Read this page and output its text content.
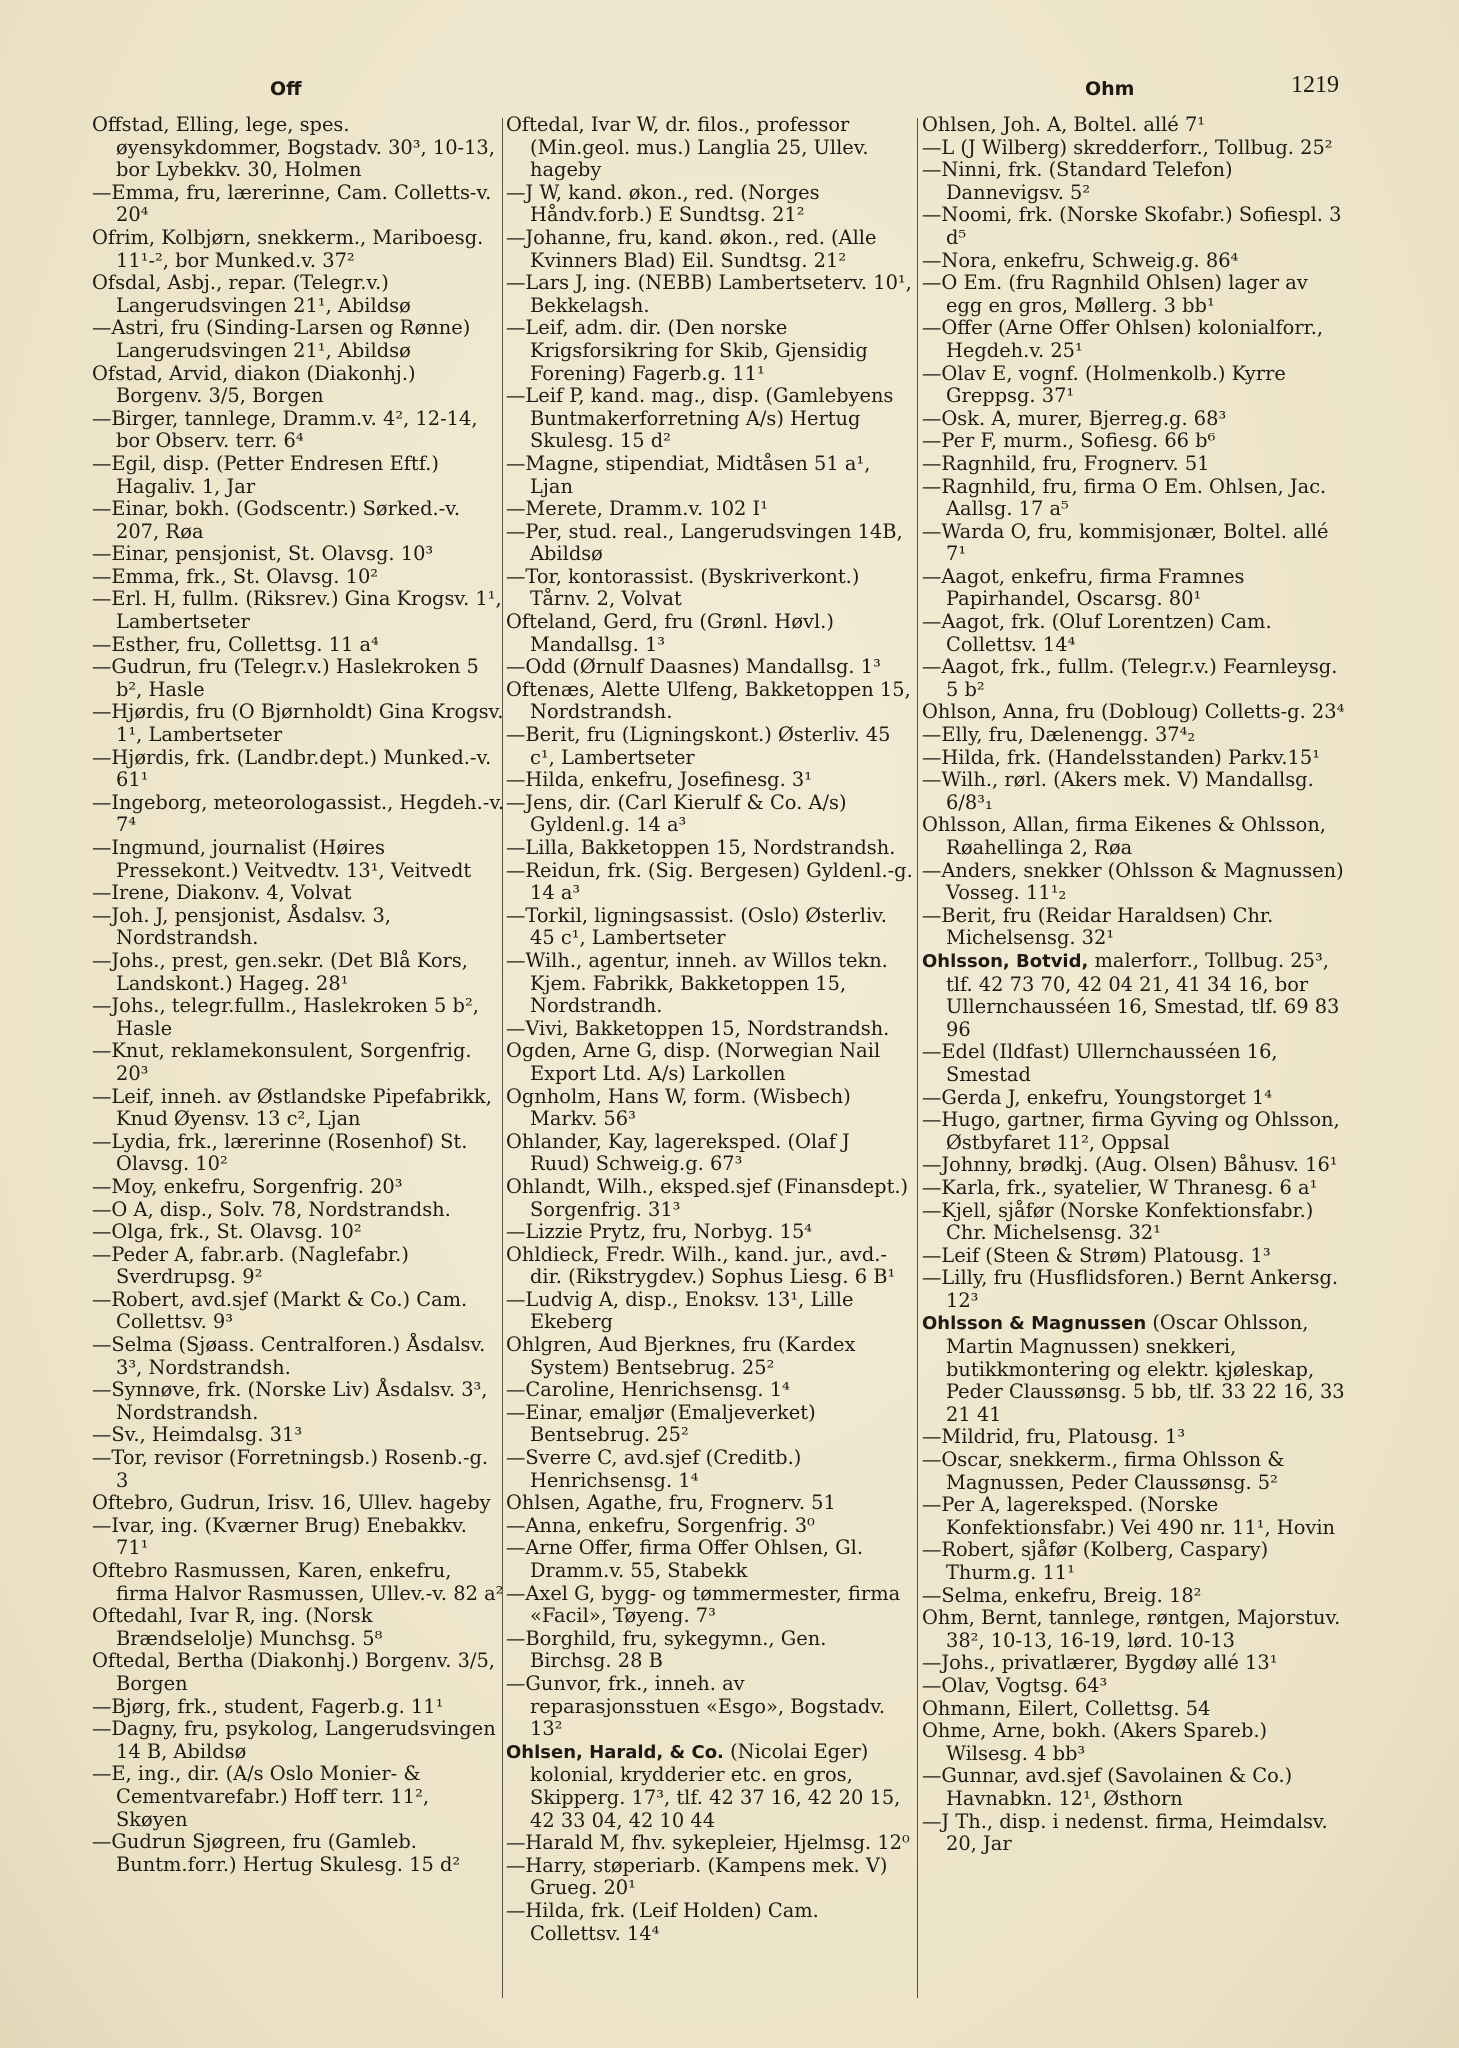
Off	Ohm	1219
Offstad, Elling, lege, spes. øyensykdommer, Bogstadv. 30³, 10-13, bor Lybekkv. 30, Holmen
—Emma, fru, lærerinne, Cam. Colletts-v. 20⁴
Ofrim, Kolbjørn, snekkerm., Mariboesg. 11¹-², bor Munked.v. 37²
Ofsdal, Asbj., repar. (Telegr.v.) Langerudsvingen 21¹, Abildsø
—Astri, fru (Sinding-Larsen og Rønne) Langerudsvingen 21¹, Abildsø
Ofstad, Arvid, diakon (Diakonhj.) Borgenv. 3/5, Borgen
—Birger, tannlege, Dramm.v. 4², 12-14, bor Observ. terr. 6⁴
—Egil, disp. (Petter Endresen Eftf.) Hagaliv. 1, Jar
—Einar, bokh. (Godscentr.) Sørked.-v. 207, Røa
—Einar, pensjonist, St. Olavsg. 10³
—Emma, frk., St. Olavsg. 10²
—Erl. H, fullm. (Riksrev.) Gina Krogsv. 1¹, Lambertseter
—Esther, fru, Collettsg. 11 a⁴
—Gudrun, fru (Telegr.v.) Haslekroken 5 b², Hasle
—Hjørdis, fru (O Bjørnholdt) Gina Krogsv. 1¹, Lambertseter
—Hjørdis, frk. (Landbr.dept.) Munked.-v. 61¹
—Ingeborg, meteorologassist., Hegdeh.-v. 7⁴
—Ingmund, journalist (Høires Pressekont.) Veitvedtv. 13¹, Veitvedt
—Irene, Diakonv. 4, Volvat
—Joh. J, pensjonist, Åsdalsv. 3, Nordstrandsh.
—Johs., prest, gen.sekr. (Det Blå Kors, Landskont.) Hageg. 28¹
—Johs., telegr.fullm., Haslekroken 5 b², Hasle
—Knut, reklamekonsulent, Sorgenfrig. 20³
—Leif, inneh. av Østlandske Pipefabrikk, Knud Øyensv. 13 c², Ljan
—Lydia, frk., lærerinne (Rosenhof) St. Olavsg. 10²
—Moy, enkefru, Sorgenfrig. 20³
—O A, disp., Solv. 78, Nordstrandsh.
—Olga, frk., St. Olavsg. 10²
—Peder A, fabr.arb. (Naglefabr.) Sverdrupsg. 9²
—Robert, avd.sjef (Markt & Co.) Cam. Collettsv. 9³
—Selma (Sjøass. Centralforen.) Åsdalsv. 3³, Nordstrandsh.
—Synnøve, frk. (Norske Liv) Åsdalsv. 3³, Nordstrandsh.
—Sv., Heimdalsg. 31³
—Tor, revisor (Forretningsb.) Rosenb.-g. 3
Oftebro, Gudrun, Irisv. 16, Ullev. hageby
—Ivar, ing. (Kværner Brug) Enebakkv. 71¹
Oftebro Rasmussen, Karen, enkefru, firma Halvor Rasmussen, Ullev.-v. 82 a²
Oftedahl, Ivar R, ing. (Norsk Brændselolje) Munchsg. 5⁸
Oftedal, Bertha (Diakonhj.) Borgenv. 3/5, Borgen
—Bjørg, frk., student, Fagerb.g. 11¹
—Dagny, fru, psykolog, Langerudsvingen 14 B, Abildsø
—E, ing., dir. (A/s Oslo Monier- & Cementvarefabr.) Hoff terr. 11², Skøyen
—Gudrun Sjøgreen, fru (Gamleb. Buntm.forr.) Hertug Skulesg. 15 d²
Oftedal, Ivar W, dr. filos., professor (Min.geol. mus.) Langlia 25, Ullev. hageby
—J W, kand. økon., red. (Norges Håndv.forb.) E Sundtsg. 21²
—Johanne, fru, kand. økon., red. (Alle Kvinners Blad) Eil. Sundtsg. 21²
—Lars J, ing. (NEBB) Lambertseterv. 10¹, Bekkelagsh.
—Leif, adm. dir. (Den norske Krigsforsikring for Skib, Gjensidig Forening) Fagerb.g. 11¹
—Leif P, kand. mag., disp. (Gamlebyens Buntmakerforretning A/s) Hertug Skulesg. 15 d²
—Magne, stipendiat, Midtåsen 51 a¹, Ljan
—Merete, Dramm.v. 102 I¹
—Per, stud. real., Langerudsvingen 14B, Abildsø
—Tor, kontorassist. (Byskriverkont.) Tårnv. 2, Volvat
Ofteland, Gerd, fru (Grønl. Høvl.) Mandallsg. 1³
—Odd (Ørnulf Daasnes) Mandallsg. 1³
Oftenæs, Alette Ulfeng, Bakketoppen 15, Nordstrandsh.
—Berit, fru (Ligningskont.) Østerliv. 45 c¹, Lambertseter
—Hilda, enkefru, Josefinesg. 3¹
—Jens, dir. (Carl Kierulf & Co. A/s) Gyldenl.g. 14 a³
—Lilla, Bakketoppen 15, Nordstrandsh.
—Reidun, frk. (Sig. Bergesen) Gyldenl.-g. 14 a³
—Torkil, ligningsassist. (Oslo) Østerliv. 45 c¹, Lambertseter
—Wilh., agentur, inneh. av Willos tekn. Kjem. Fabrikk, Bakketoppen 15, Nordstrandh.
—Vivi, Bakketoppen 15, Nordstrandsh.
Ogden, Arne G, disp. (Norwegian Nail Export Ltd. A/s) Larkollen
Ognholm, Hans W, form. (Wisbech) Markv. 56³
Ohlander, Kay, lagereksped. (Olaf J Ruud) Schweig.g. 67³
Ohlandt, Wilh., eksped.sjef (Finansdept.) Sorgenfrig. 31³
—Lizzie Prytz, fru, Norbyg. 15⁴
Ohldieck, Fredr. Wilh., kand. jur., avd.-dir. (Rikstrygdev.) Sophus Liesg. 6 B¹
—Ludvig A, disp., Enoksv. 13¹, Lille Ekeberg
Ohlgren, Aud Bjerknes, fru (Kardex System) Bentsebrug. 25²
—Caroline, Henrichsensg. 1⁴
—Einar, emaljør (Emaljeverket) Bentsebrug. 25²
—Sverre C, avd.sjef (Creditb.) Henrichsensg. 1⁴
Ohlsen, Agathe, fru, Frognerv. 51
—Anna, enkefru, Sorgenfrig. 3⁰
—Arne Offer, firma Offer Ohlsen, Gl. Dramm.v. 55, Stabekk
—Axel G, bygg- og tømmermester, firma «Facil», Tøyeng. 7³
—Borghild, fru, sykegymn., Gen. Birchsg. 28 B
—Gunvor, frk., inneh. av reparasjonsstuen «Esgo», Bogstadv. 13²
Ohlsen, Harald, & Co. (Nicolai Eger) kolonial, krydderier etc. en gros, Skipperg. 17³, tlf. 42 37 16, 42 20 15, 42 33 04, 42 10 44
—Harald M, fhv. sykepleier, Hjelmsg. 12⁰
—Harry, støperiarb. (Kampens mek. V) Grueg. 20¹
—Hilda, frk. (Leif Holden) Cam. Collettsv. 14⁴
Ohlsen, Joh. A, Boltel. allé 7¹
—L (J Wilberg) skredderforr., Tollbug. 25²
—Ninni, frk. (Standard Telefon) Dannevigsv. 5²
—Noomi, frk. (Norske Skofabr.) Sofiespl. 3 d⁵
—Nora, enkefru, Schweig.g. 86⁴
—O Em. (fru Ragnhild Ohlsen) lager av egg en gros, Møllerg. 3 bb¹
—Offer (Arne Offer Ohlsen) kolonialforr., Hegdeh.v. 25¹
—Olav E, vognf. (Holmenkolb.) Kyrre Greppsg. 37¹
—Osk. A, murer, Bjerreg.g. 68³
—Per F, murm., Sofiesg. 66 b⁶
—Ragnhild, fru, Frognerv. 51
—Ragnhild, fru, firma O Em. Ohlsen, Jac. Aallsg. 17 a⁵
—Warda O, fru, kommisjonær, Boltel. allé 7¹
—Aagot, enkefru, firma Framnes Papirhandel, Oscarsg. 80¹
—Aagot, frk. (Oluf Lorentzen) Cam. Collettsv. 14⁴
—Aagot, frk., fullm. (Telegr.v.) Fearnleysg. 5 b²
Ohlson, Anna, fru (Dobloug) Colletts-g. 23⁴
—Elly, fru, Dælenengg. 37⁴₂
—Hilda, frk. (Handelsstanden) Parkv.15¹
—Wilh., rørl. (Akers mek. V) Mandallsg. 6/8³₁
Ohlsson, Allan, firma Eikenes & Ohlsson, Røahellinga 2, Røa
—Anders, snekker (Ohlsson & Magnussen) Vosseg. 11¹₂
—Berit, fru (Reidar Haraldsen) Chr. Michelsensg. 32¹
Ohlsson, Botvid, malerforr., Tollbug. 25³, tlf. 42 73 70, 42 04 21, 41 34 16, bor Ullernchausséen 16, Smestad, tlf. 69 83 96
—Edel (Ildfast) Ullernchausséen 16, Smestad
—Gerda J, enkefru, Youngstorget 1⁴
—Hugo, gartner, firma Gyving og Ohlsson, Østbyfaret 11², Oppsal
—Johnny, brødkj. (Aug. Olsen) Båhusv. 16¹
—Karla, frk., syatelier, W Thranesg. 6 a¹
—Kjell, sjåfør (Norske Konfektionsfabr.) Chr. Michelsensg. 32¹
—Leif (Steen & Strøm) Platousg. 1³
—Lilly, fru (Husflidsforen.) Bernt Ankersg. 12³
Ohlsson & Magnussen (Oscar Ohlsson, Martin Magnussen) snekkeri, butikkmontering og elektr. kjøleskap, Peder Claussønsg. 5 bb, tlf. 33 22 16, 33 21 41
—Mildrid, fru, Platousg. 1³
—Oscar, snekkerm., firma Ohlsson & Magnussen, Peder Claussønsg. 5²
—Per A, lagereksped. (Norske Konfektionsfabr.) Vei 490 nr. 11¹, Hovin
—Robert, sjåfør (Kolberg, Caspary) Thurm.g. 11¹
—Selma, enkefru, Breig. 18²
Ohm, Bernt, tannlege, røntgen, Majorstuv. 38², 10-13, 16-19, lørd. 10-13
—Johs., privatlærer, Bygdøy allé 13¹
—Olav, Vogtsg. 64³
Ohmann, Eilert, Collettsg. 54
Ohme, Arne, bokh. (Akers Spareb.) Wilsesg. 4 bb³
—Gunnar, avd.sjef (Savolainen & Co.) Havnabkn. 12¹, Østhorn
—J Th., disp. i nedenst. firma, Heimdalsv. 20, Jar
